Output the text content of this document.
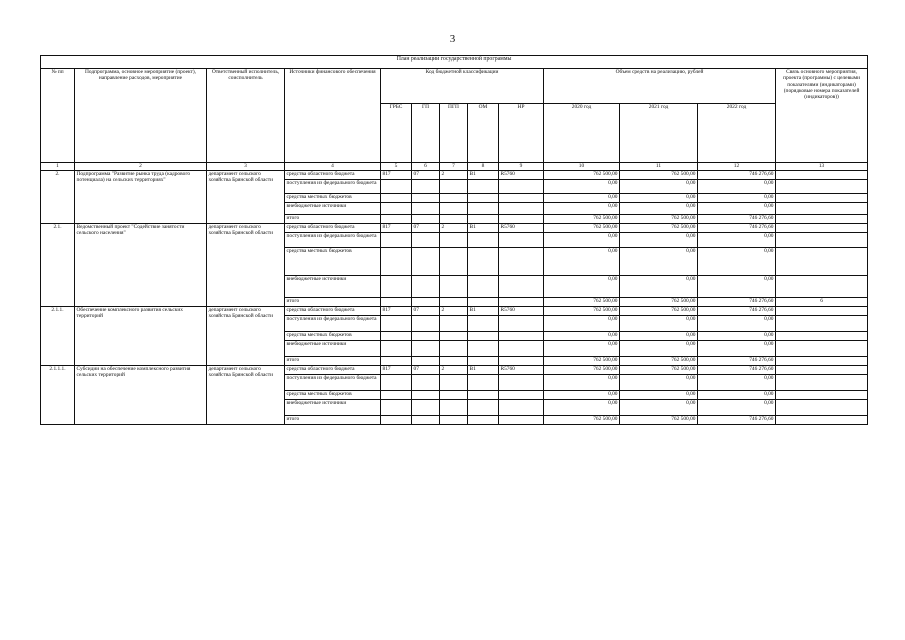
3
План реализации государственной программы												
№ пп	Подпрограмма, основное мероприятие (проект), направление расходов, мероприятие	Ответственный исполнитель, соисполнитель	Источники финансового обеспечения	Код бюджетной классификации					Объем средств на реализацию, рублей			Связь основного мероприятия, проекта (программы) с целевыми показателями (индикаторами) (порядковые номера показателей (индикаторов))
				ГРБС	ГП	ПГП	ОМ	НР	2020 год	2021 год	2022 год	
1	2	3	4	5	6	7	8	9	10	11	12	13
2.	Подпрограмма "Развитие рынка труда (кадрового потенциала) на сельских территориях"	департамент сельского хозяйства Брянской области	средства областного бюджета	817	07	2	В1	R5760	762 500,00	762 500,00	746 276,60	
			поступления из федерального бюджета						0,00	0,00	0,00	
			средства местных бюджетов						0,00	0,00	0,00	
			внебюджетные источники						0,00	0,00	0,00	
			итого						762 500,00	762 500,00	746 276,60	
2.1.	Ведомственный проект "Содействие занятости сельского населения"	департамент сельского хозяйства Брянской области	средства областного бюджета	817	07	2	В1	R5760	762 500,00	762 500,00	746 276,60	
			поступления из федерального бюджета						0,00	0,00	0,00	
			средства местных бюджетов						0,00	0,00	0,00	
			внебюджетные источники						0,00	0,00	0,00	
			итого						762 500,00	762 500,00	746 276,60	6
2.1.1.	Обеспечение комплексного развития сельских территорий	департамент сельского хозяйства Брянской области	средства областного бюджета	817	07	2	В1	R5760	762 500,00	762 500,00	746 276,60	
			поступления из федерального бюджета						0,00	0,00	0,00	
			средства местных бюджетов						0,00	0,00	0,00	
			внебюджетные источники						0,00	0,00	0,00	
			итого						762 500,00	762 500,00	746 276,60	
2.1.1.1.	Субсидии на обеспечение комплексного развития сельских территорий	департамент сельского хозяйства Брянской области	средства областного бюджета	817	07	2	В1	R5760	762 500,00	762 500,00	746 276,60	
			поступления из федерального бюджета						0,00	0,00	0,00	
			средства местных бюджетов						0,00	0,00	0,00	
			внебюджетные источники						0,00	0,00	0,00	
			итого						762 500,00	762 500,00	746 276,60	
